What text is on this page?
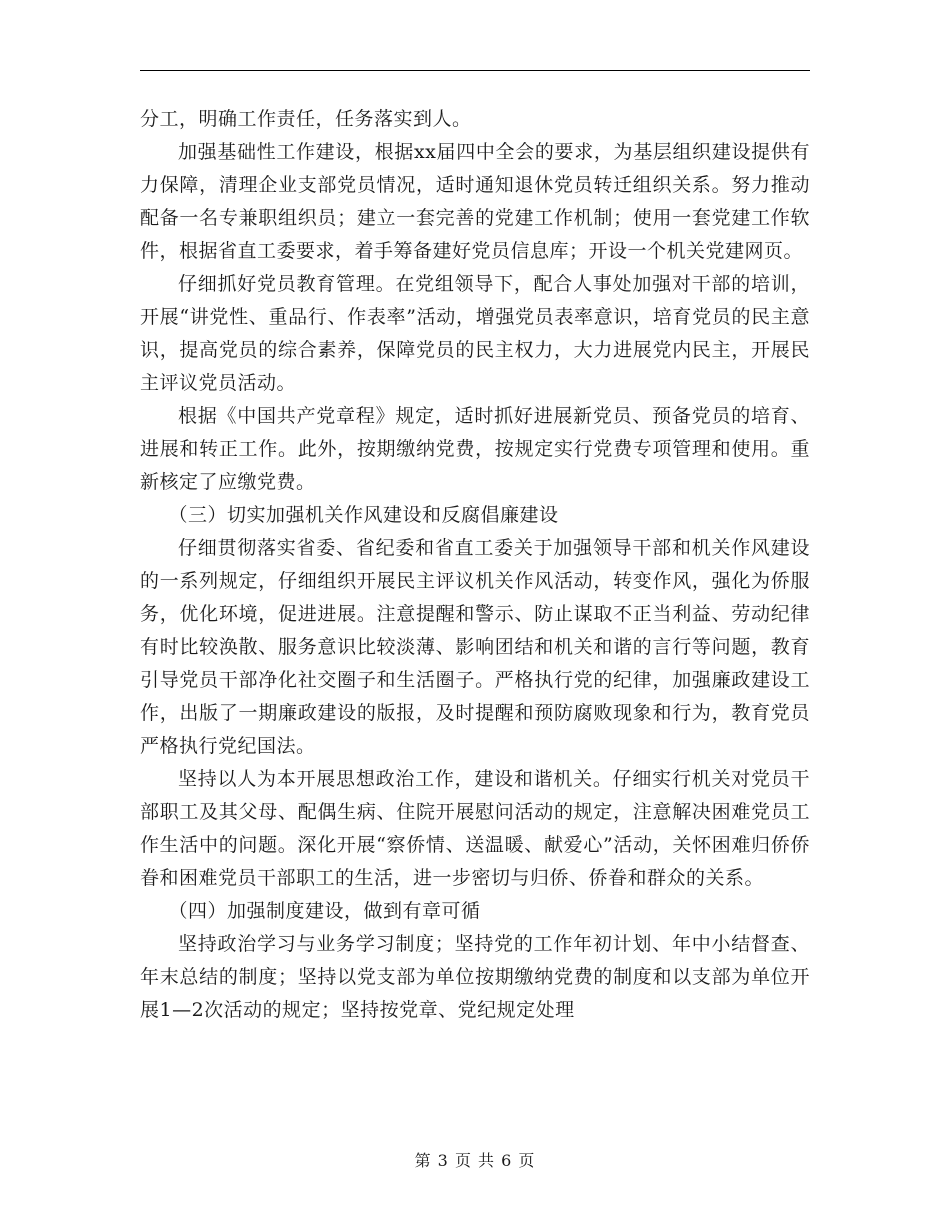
分工，明确工作责任，任务落实到人。

加强基础性工作建设，根据xx届四中全会的要求，为基层组织建设提供有力保障，清理企业支部党员情况，适时通知退休党员转迁组织关系。努力推动配备一名专兼职组织员；建立一套完善的党建工作机制；使用一套党建工作软件，根据省直工委要求，着手筹备建好党员信息库；开设一个机关党建网页。

仔细抓好党员教育管理。在党组领导下，配合人事处加强对干部的培训，开展“讲党性、重品行、作表率”活动，增强党员表率意识，培育党员的民主意识，提高党员的综合素养，保障党员的民主权力，大力进展党内民主，开展民主评议党员活动。

根据《中国共产党章程》规定，适时抓好进展新党员、预备党员的培育、进展和转正工作。此外，按期缴纳党费，按规定实行党费专项管理和使用。重新核定了应缴党费。

（三）切实加强机关作风建设和反腐倡廉建设

仔细贯彻落实省委、省纪委和省直工委关于加强领导干部和机关作风建设的一系列规定，仔细组织开展民主评议机关作风活动，转变作风，强化为侨服务，优化环境，促进进展。注意提醒和警示、防止谋取不正当利益、劳动纪律有时比较涣散、服务意识比较淡薄、影响团结和机关和谐的言行等问题，教育引导党员干部净化社交圈子和生活圈子。严格执行党的纪律，加强廉政建设工作，出版了一期廉政建设的版报，及时提醒和预防腐败现象和行为，教育党员严格执行党纪国法。

坚持以人为本开展思想政治工作，建设和谐机关。仔细实行机关对党员干部职工及其父母、配偶生病、住院开展慰问活动的规定，注意解决困难党员工作生活中的问题。深化开展“察侨情、送温暖、献爱心”活动，关怀困难归侨侨眷和困难党员干部职工的生活，进一步密切与归侨、侨眷和群众的关系。

（四）加强制度建设，做到有章可循

坚持政治学习与业务学习制度；坚持党的工作年初计划、年中小结督查、年末总结的制度；坚持以党支部为单位按期缴纳党费的制度和以支部为单位开展1—2次活动的规定；坚持按党章、党纪规定处理

第 3 页 共 6 页
